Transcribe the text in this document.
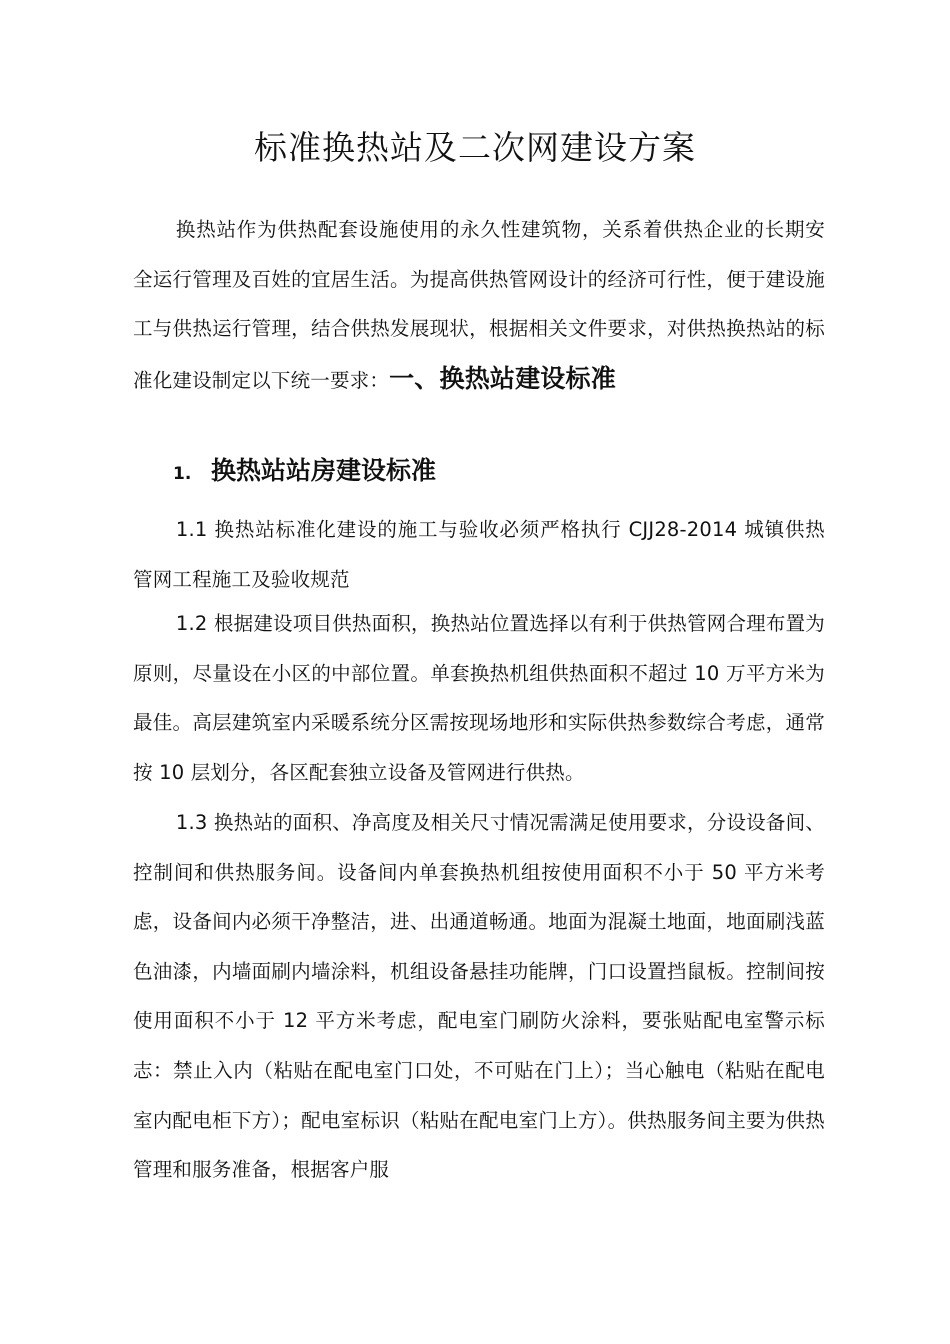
标准换热站及二次网建设方案
换热站作为供热配套设施使用的永久性建筑物，关系着供热企业的长期安全运行管理及百姓的宜居生活。为提高供热管网设计的经济可行性，便于建设施工与供热运行管理，结合供热发展现状，根据相关文件要求，对供热换热站的标准化建设制定以下统一要求：一、换热站建设标准
1. 换热站站房建设标准

1.1 换热站标准化建设的施工与验收必须严格执行 CJJ28-2014 城镇供热管网工程施工及验收规范

1.2 根据建设项目供热面积，换热站位置选择以有利于供热管网合理布置为原则，尽量设在小区的中部位置。单套换热机组供热面积不超过 10 万平方米为最佳。高层建筑室内采暖系统分区需按现场地形和实际供热参数综合考虑，通常按 10 层划分，各区配套独立设备及管网进行供热。

1.3 换热站的面积、净高度及相关尺寸情况需满足使用要求，分设设备间、控制间和供热服务间。设备间内单套换热机组按使用面积不小于 50 平方米考虑，设备间内必须干净整洁，进、出通道畅通。地面为混凝土地面，地面刷浅蓝色油漆，内墙面刷内墙涂料，机组设备悬挂功能牌，门口设置挡鼠板。控制间按使用面积不小于 12 平方米考虑，配电室门刷防火涂料，要张贴配电室警示标志：禁止入内（粘贴在配电室门口处，不可贴在门上）；当心触电（粘贴在配电室内配电柜下方）；配电室标识（粘贴在配电室门上方）。供热服务间主要为供热管理和服务准备，根据客户服
